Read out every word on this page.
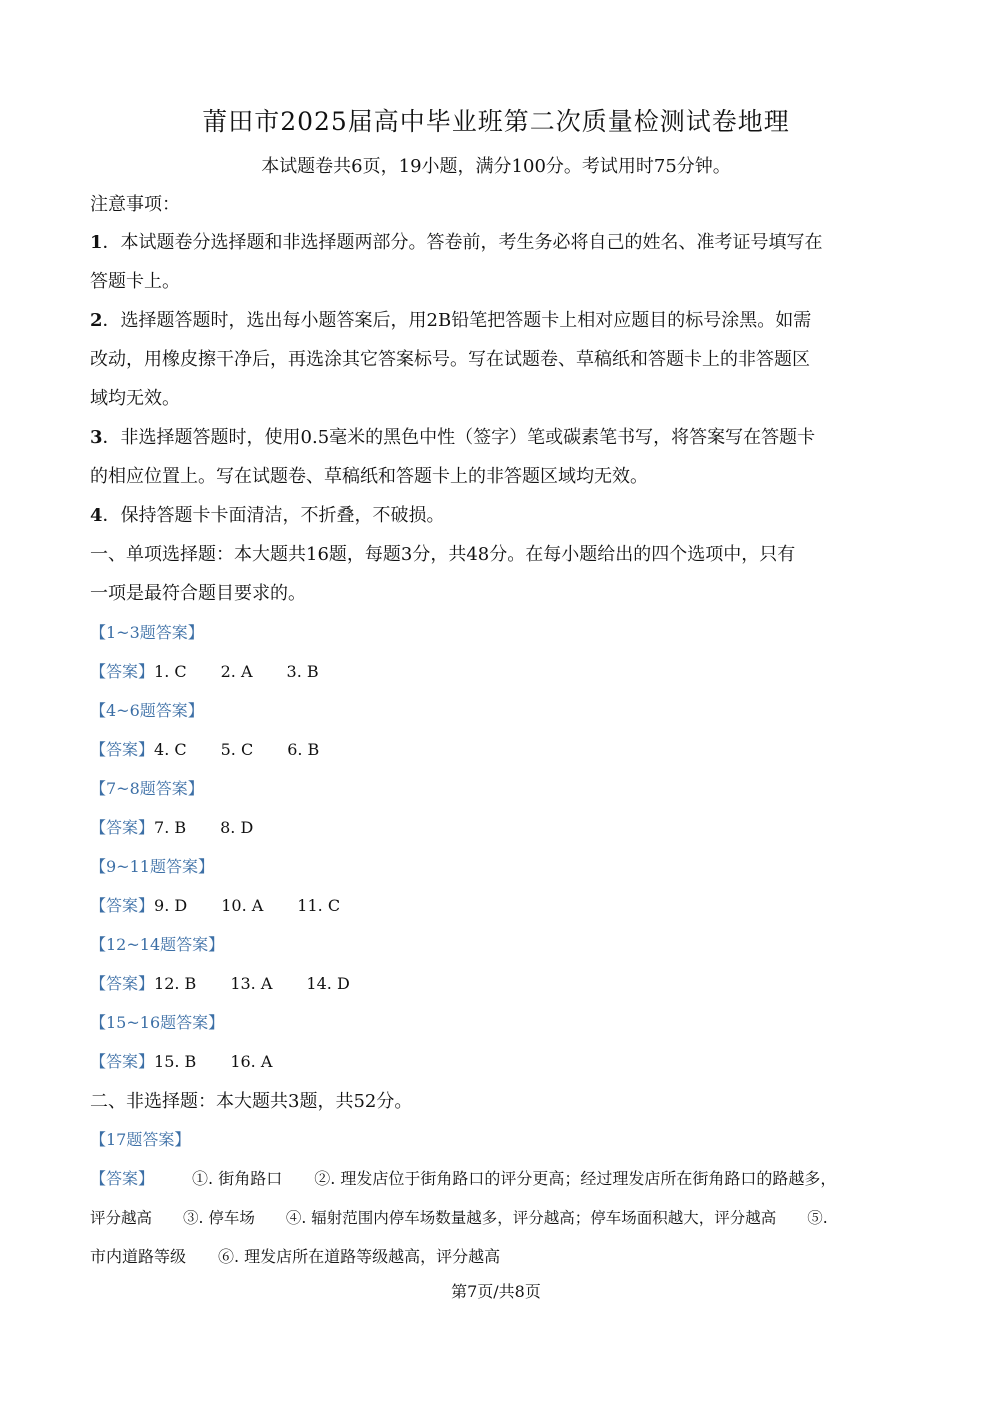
莆田市2025届高中毕业班第二次质量检测试卷地理
本试题卷共6页，19小题，满分100分。考试用时75分钟。
注意事项：
1．本试题卷分选择题和非选择题两部分。答卷前，考生务必将自己的姓名、准考证号填写在
答题卡上。
2．选择题答题时，选出每小题答案后，用2B铅笔把答题卡上相对应题目的标号涂黑。如需
改动，用橡皮擦干净后，再选涂其它答案标号。写在试题卷、草稿纸和答题卡上的非答题区
域均无效。
3．非选择题答题时，使用0.5毫米的黑色中性（签字）笔或碳素笔书写，将答案写在答题卡
的相应位置上。写在试题卷、草稿纸和答题卡上的非答题区域均无效。
4．保持答题卡卡面清洁，不折叠，不破损。
一、单项选择题：本大题共16题，每题3分，共48分。在每小题给出的四个选项中，只有
一项是最符合题目要求的。
【1~3题答案】
【答案】1. C 2. A 3. B
【4~6题答案】
【答案】4. C 5. C 6. B
【7~8题答案】
【答案】7. B 8. D
【9~11题答案】
【答案】9. D 10. A 11. C
【12~14题答案】
【答案】12. B 13. A 14. D
【15~16题答案】
【答案】15. B 16. A
二、非选择题：本大题共3题，共52分。
【17题答案】
【答案】 ①. 街角路口　　②. 理发店位于街角路口的评分更高；经过理发店所在街角路口的路越多，
评分越高　　③. 停车场　　④. 辐射范围内停车场数量越多，评分越高；停车场面积越大，评分越高　　⑤.
市内道路等级　　⑥. 理发店所在道路等级越高，评分越高
第7页/共8页
